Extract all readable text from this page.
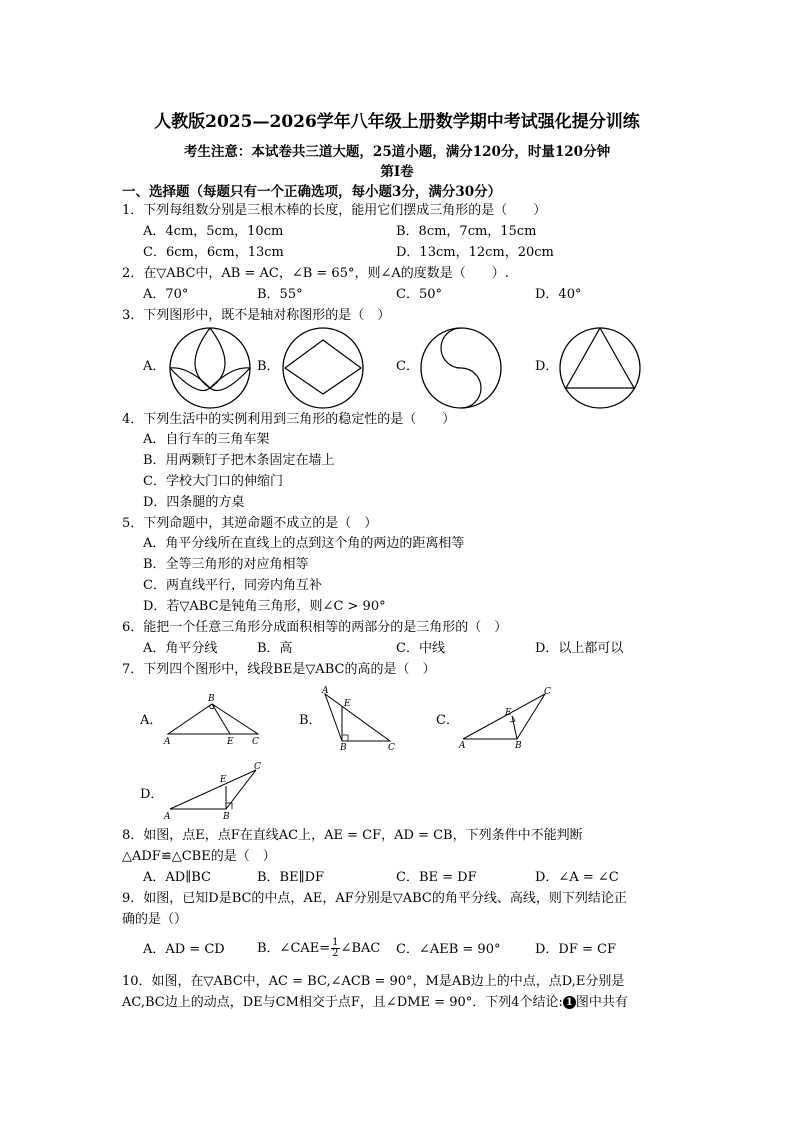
人教版2025—2026学年八年级上册数学期中考试强化提分训练
考生注意：本试卷共三道大题，25道小题，满分120分，时量120分钟
第Ⅰ卷
一、选择题（每题只有一个正确选项，每小题3分，满分30分）
1．下列每组数分别是三根木棒的长度，能用它们摆成三角形的是（　　）
A．4cm，5cm，10cm	B．8cm，7cm，15cm
C．6cm，6cm，13cm	D．13cm，12cm，20cm
2．在▽ABC中，AB = AC，∠B = 65°，则∠A的度数是（　　）.
A．70°	B．55°	C．50°	D．40°
3．下列图形中，既不是轴对称图形的是（　）
A．	B．	C．	D．
4．下列生活中的实例利用到三角形的稳定性的是（　　）
A．自行车的三角车架
B．用两颗钉子把木条固定在墙上
C．学校大门口的伸缩门
D．四条腿的方桌
5．下列命题中，其逆命题不成立的是（　）
A．角平分线所在直线上的点到这个角的两边的距离相等
B．全等三角形的对应角相等
C．两直线平行，同旁内角互补
D．若▽ABC是钝角三角形，则∠C > 90°
6．能把一个任意三角形分成面积相等的两部分的是三角形的（　）
A．角平分线	B．高	C．中线	D．以上都可以
7．下列四个图形中，线段BE是▽ABC的高的是（　）
A．
B
A	E C
B．
A
E
B	C
C．
C
E
A	B
D．
C
E
A	B
8．如图，点E，点F在直线AC上，AE = CF，AD = CB，下列条件中不能判断
△ADF≌△CBE的是（　）
A．AD∥BC	B．BE∥DF	C．BE = DF	D．∠A = ∠C
9．如图，已知D是BC的中点，AE，AF分别是▽ABC的角平分线、高线，则下列结论正
确的是（）
A．AD = CD B．∠CAE= $\frac{1}{2}$ ∠BAC C．∠AEB = 90°	D．DF = CF
10．如图，在▽ABC中，AC = BC,∠ACB = 90°，M是AB边上的中点，点D,E分别是
AC,BC边上的动点，DE与CM相交于点F，且∠DME = 90°．下列4个结论: 1 图中共有
